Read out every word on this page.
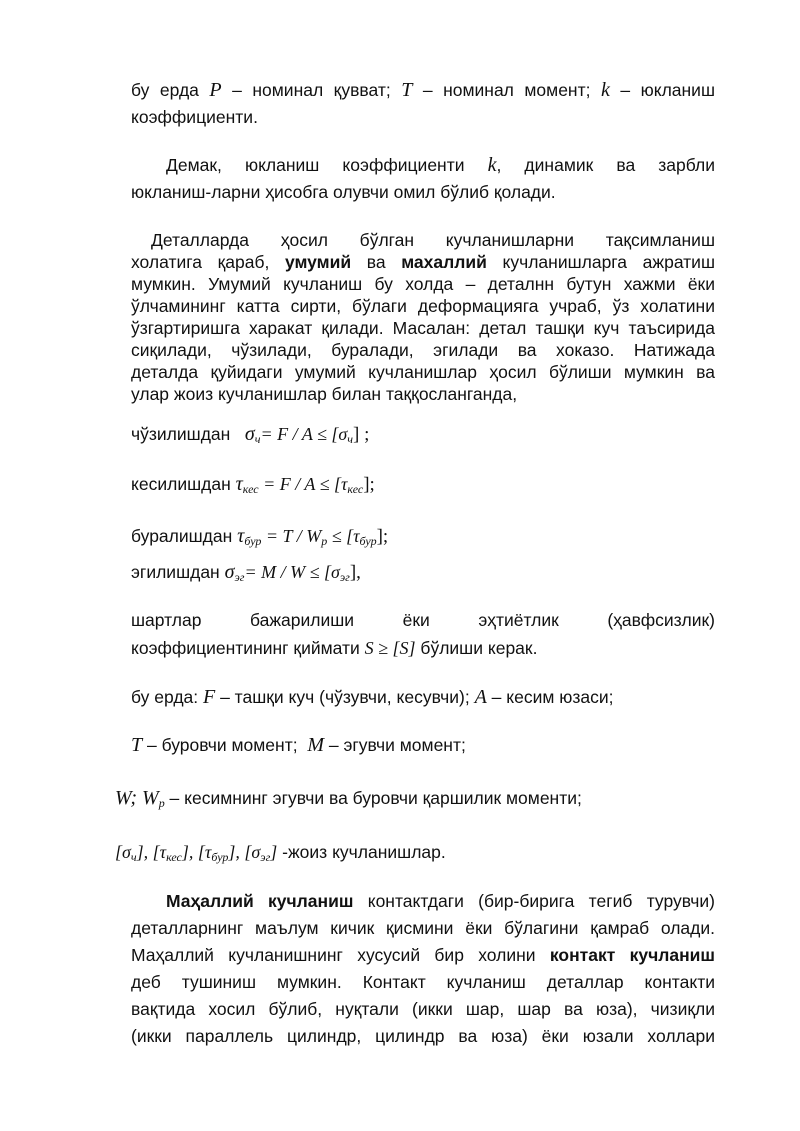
бу ерда P – номинал қувват; T – номинал момент; k – юкланиш
коэффициенти.
Демак, юкланиш коэффициенти k, динамик ва зарбли
юкланиш-ларни ҳисобга олувчи омил бўлиб қолади.
Деталларда ҳосил бўлган кучланишларни тақсимланиш
холатига қараб, умумий ва махаллий кучланишларга ажратиш
мумкин. Умумий кучланиш бу холда – деталнн бутун хажми ёки
ўлчамининг катта сирти, бўлаги деформацияга учраб, ўз холатини
ўзгартиришга харакат қилади. Масалан: детал ташқи куч таъсирида
сиқилади, чўзилади, буралади, эгилади ва хоказо. Натижада
деталда қуйидаги умумий кучланишлар ҳосил бўлиши мумкин ва
улар жоиз кучланишлар билан таққосланганда,
чўзилишдан   $\sigma_ч= F / A \le [\sigma_ч]$ ;
кесилишдан $\tau_{кес} = F / A \le [\tau_{кес}]$;
буралишдан $\tau_{бур} = T / W_p \le [\tau_{бур}]$;
эгилишдан $\sigma_{эг}= M / W \le [\sigma_{эг}]$,
шартлар бажарилиши ёки эҳтиётлик (ҳавфсизлик)
коэффициентининг қиймати S ≥ [S] бўлиши керак.
бу ерда: F – ташқи куч (чўзувчи, кесувчи); A – кесим юзаси;
T – буровчи момент;  M – эгувчи момент;
W; $W_p$ – кесимнинг эгувчи ва буровчи қаршилик моменти;
$[\sigma_ч]$, $[\tau_{кес}]$, $[\tau_{бур}]$, $[\sigma_{эг}]$ -жоиз кучланишлар.
Маҳаллий кучланиш контактдаги (бир-бирига тегиб турувчи)
деталларнинг маълум кичик қисмини ёки бўлагини қамраб олади.
Маҳаллий кучланишнинг хусусий бир холини контакт кучланиш
деб тушиниш мумкин. Контакт кучланиш деталлар контакти
вақтида хосил бўлиб, нуқтали (икки шар, шар ва юза), чизиқли
(икки параллель цилиндр, цилиндр ва юза) ёки юзали холлари
